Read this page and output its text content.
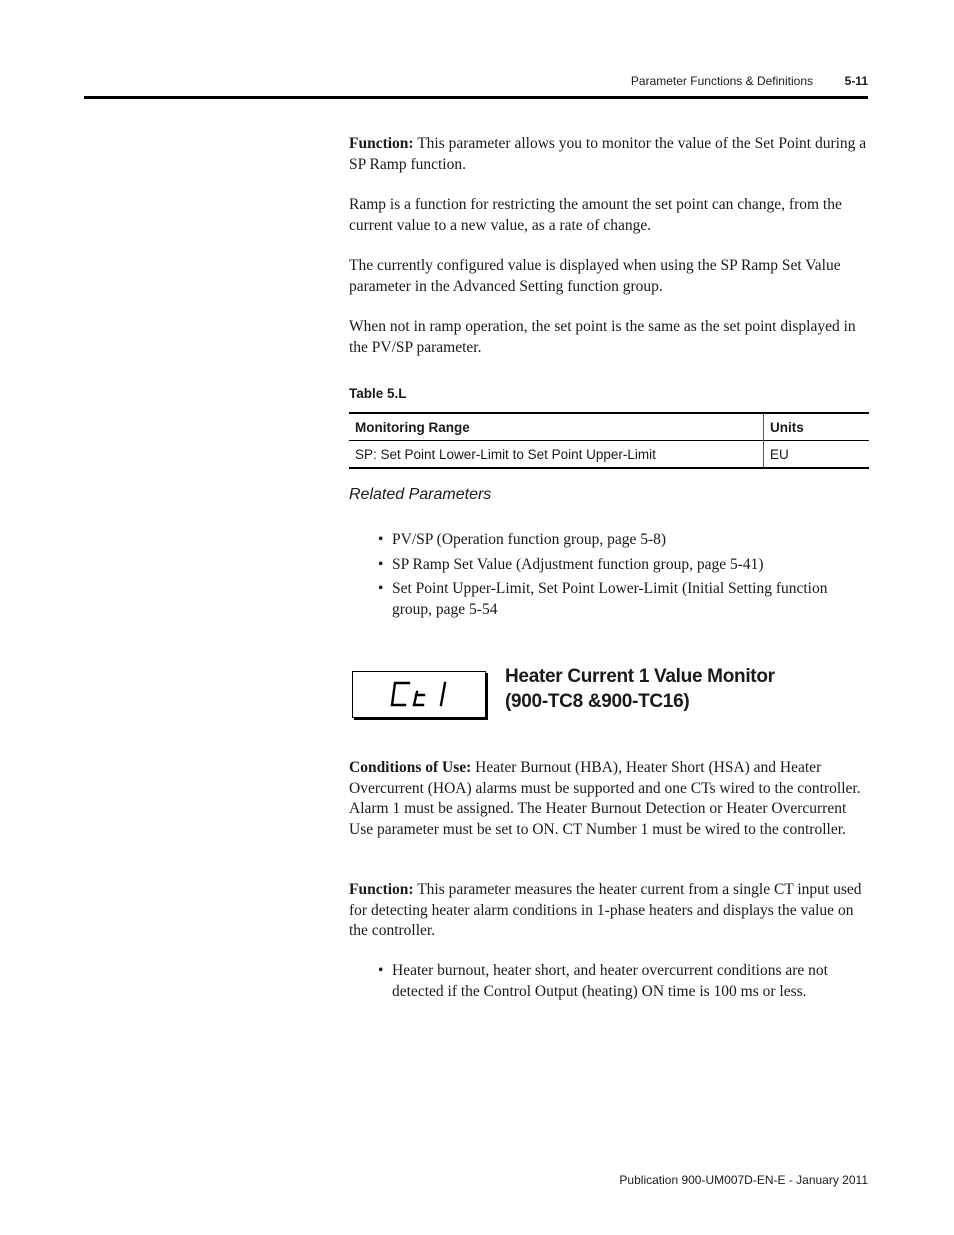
Parameter Functions & Definitions	5-11

Function: This parameter allows you to monitor the value of the Set Point during a SP Ramp function.

Ramp is a function for restricting the amount the set point can change, from the current value to a new value, as a rate of change.

The currently configured value is displayed when using the SP Ramp Set Value parameter in the Advanced Setting function group.

When not in ramp operation, the set point is the same as the set point displayed in the PV/SP parameter.

Table 5.L
Monitoring Range	Units
SP: Set Point Lower-Limit to Set Point Upper-Limit	EU
Related Parameters
• PV/SP (Operation function group, page 5-8)
• SP Ramp Set Value (Adjustment function group, page 5-41)
• Set Point Upper-Limit, Set Point Lower-Limit (Initial Setting function group, page 5-54
Heater Current 1 Value Monitor
(900-TC8 &900-TC16)

Conditions of Use: Heater Burnout (HBA), Heater Short (HSA) and Heater Overcurrent (HOA) alarms must be supported and one CTs wired to the controller. Alarm 1 must be assigned. The Heater Burnout Detection or Heater Overcurrent Use parameter must be set to ON. CT Number 1 must be wired to the controller.

Function: This parameter measures the heater current from a single CT input used for detecting heater alarm conditions in 1-phase heaters and displays the value on the controller.

• Heater burnout, heater short, and heater overcurrent conditions are not detected if the Control Output (heating) ON time is 100 ms or less.
Publication 900-UM007D-EN-E - January 2011
